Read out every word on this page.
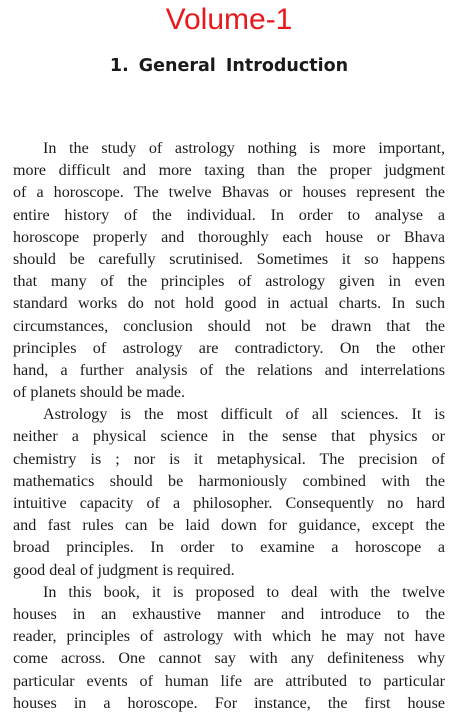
Volume-1
1. General Introduction
In the study of astrology nothing is more important,
more difficult and more taxing than the proper judgment
of a horoscope. The twelve Bhavas or houses represent the
entire history of the individual. In order to analyse a
horoscope properly and thoroughly each house or Bhava
should be carefully scrutinised. Sometimes it so happens
that many of the principles of astrology given in even
standard works do not hold good in actual charts. In such
circumstances, conclusion should not be drawn that the
principles of astrology are contradictory. On the other
hand, a further analysis of the relations and interrelations
of planets should be made.
Astrology is the most difficult of all sciences. It is
neither a physical science in the sense that physics or
chemistry is ; nor is it metaphysical. The precision of
mathematics should be harmoniously combined with the
intuitive capacity of a philosopher. Consequently no hard
and fast rules can be laid down for guidance, except the
broad principles. In order to examine a horoscope a
good deal of judgment is required.
In this book, it is proposed to deal with the twelve
houses in an exhaustive manner and introduce to the
reader, principles of astrology with which he may not have
come across. One cannot say with any definiteness why
particular events of human life are attributed to particular
houses in a horoscope. For instance, the first house
